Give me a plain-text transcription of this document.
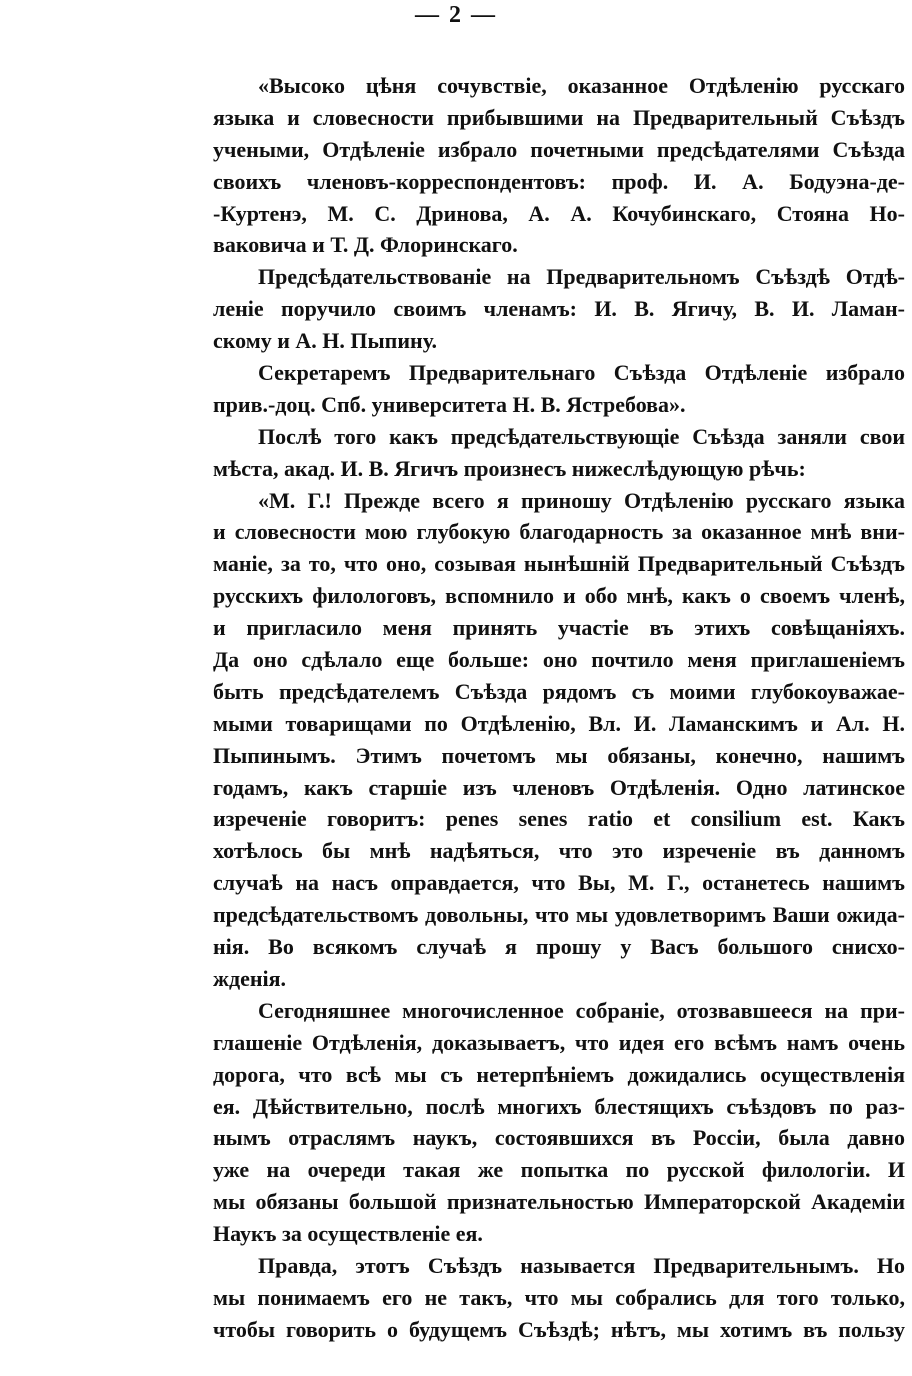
— 2 —
«Высоко цѣня сочувствіе, оказанное Отдѣленію русскаго
языка и словесности прибывшими на Предварительный Съѣздъ
учеными, Отдѣленіе избрало почетными предсѣдателями Съѣзда
своихъ членовъ-корреспондентовъ: проф. И. А. Бодуэна-де-
-Куртенэ, М. С. Дринова, А. А. Кочубинскаго, Стояна Но-
ваковича и Т. Д. Флоринскаго.
Предсѣдательствованіе на Предварительномъ Съѣздѣ Отдѣ-
леніе поручило своимъ членамъ: И. В. Ягичу, В. И. Ламан-
скому и А. Н. Пыпину.
Секретаремъ Предварительнаго Съѣзда Отдѣленіе избрало
прив.-доц. Спб. университета Н. В. Ястребова».
Послѣ того какъ предсѣдательствующіе Съѣзда заняли свои
мѣста, акад. И. В. Ягичъ произнесъ нижеслѣдующую рѣчь:
«М. Г.! Прежде всего я приношу Отдѣленію русскаго языка
и словесности мою глубокую благодарность за оказанное мнѣ вни-
маніе, за то, что оно, созывая нынѣшній Предварительный Съѣздъ
русскихъ филологовъ, вспомнило и обо мнѣ, какъ о своемъ членѣ,
и пригласило меня принять участіе въ этихъ совѣщаніяхъ.
Да оно сдѣлало еще больше: оно почтило меня приглашеніемъ
быть предсѣдателемъ Съѣзда рядомъ съ моими глубокоуважае-
мыми товарищами по Отдѣленію, Вл. И. Ламанскимъ и Ал. Н.
Пыпинымъ. Этимъ почетомъ мы обязаны, конечно, нашимъ
годамъ, какъ старшіе изъ членовъ Отдѣленія. Одно латинское
изреченіе говоритъ: penes senes ratio et consilium est. Какъ
хотѣлось бы мнѣ надѣяться, что это изреченіе въ данномъ
случаѣ на насъ оправдается, что Вы, М. Г., останетесь нашимъ
предсѣдательствомъ довольны, что мы удовлетворимъ Ваши ожида-
нія. Во всякомъ случаѣ я прошу у Васъ большого снисхо-
жденія.
Сегодняшнее многочисленное собраніе, отозвавшееся на при-
глашеніе Отдѣленія, доказываетъ, что идея его всѣмъ намъ очень
дорога, что всѣ мы съ нетерпѣніемъ дожидались осуществленія
ея. Дѣйствительно, послѣ многихъ блестящихъ съѣздовъ по раз-
нымъ отраслямъ наукъ, состоявшихся въ Россіи, была давно
уже на очереди такая же попытка по русской филологіи. И
мы обязаны большой признательностью Императорской Академіи
Наукъ за осуществленіе ея.
Правда, этотъ Съѣздъ называется Предварительнымъ. Но
мы понимаемъ его не такъ, что мы собрались для того только,
чтобы говорить о будущемъ Съѣздѣ; нѣтъ, мы хотимъ въ пользу
